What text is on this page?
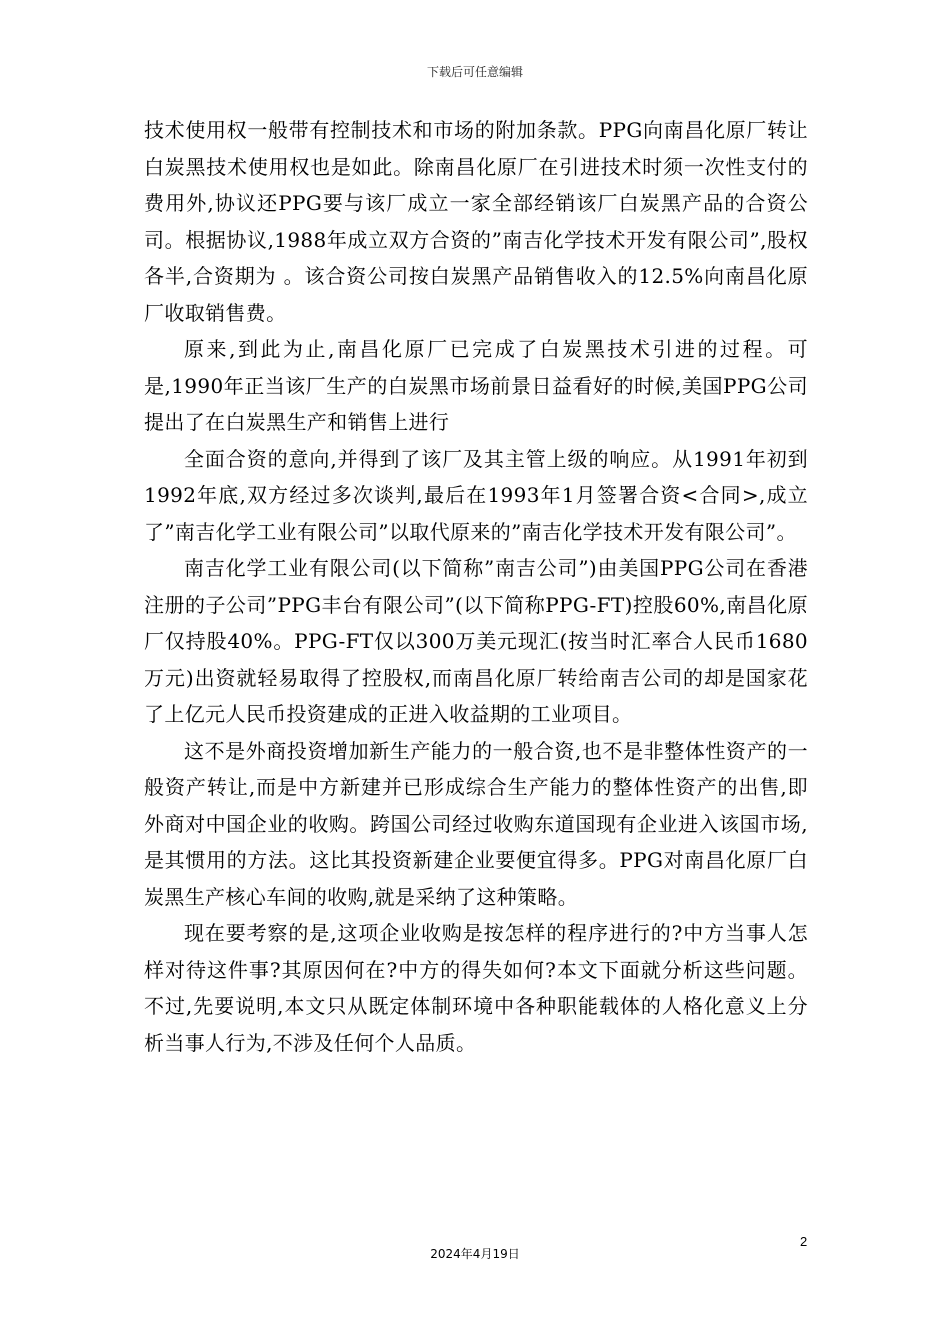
下载后可任意编辑

技术使用权一般带有控制技术和市场的附加条款。PPG向南昌化原厂转让白炭黑技术使用权也是如此。除南昌化原厂在引进技术时须一次性支付的费用外,协议还PPG要与该厂成立一家全部经销该厂白炭黑产品的合资公司。根据协议,1988年成立双方合资的”南吉化学技术开发有限公司”,股权各半,合资期为 。该合资公司按白炭黑产品销售收入的12.5%向南昌化原厂收取销售费。

原来,到此为止,南昌化原厂已完成了白炭黑技术引进的过程。可是,1990年正当该厂生产的白炭黑市场前景日益看好的时候,美国PPG公司提出了在白炭黑生产和销售上进行

全面合资的意向,并得到了该厂及其主管上级的响应。从1991年初到1992年底,双方经过多次谈判,最后在1993年1月签署合资<合同>,成立了”南吉化学工业有限公司”以取代原来的”南吉化学技术开发有限公司”。

南吉化学工业有限公司(以下简称”南吉公司”)由美国PPG公司在香港注册的子公司”PPG丰台有限公司”(以下简称PPG-FT)控股60%,南昌化原厂仅持股40%。PPG-FT仅以300万美元现汇(按当时汇率合人民币1680万元)出资就轻易取得了控股权,而南昌化原厂转给南吉公司的却是国家花了上亿元人民币投资建成的正进入收益期的工业项目。

这不是外商投资增加新生产能力的一般合资,也不是非整体性资产的一般资产转让,而是中方新建并已形成综合生产能力的整体性资产的出售,即外商对中国企业的收购。跨国公司经过收购东道国现有企业进入该国市场,是其惯用的方法。这比其投资新建企业要便宜得多。PPG对南昌化原厂白炭黑生产核心车间的收购,就是采纳了这种策略。

现在要考察的是,这项企业收购是按怎样的程序进行的?中方当事人怎样对待这件事?其原因何在?中方的得失如何?本文下面就分析这些问题。不过,先要说明,本文只从既定体制环境中各种职能载体的人格化意义上分析当事人行为,不涉及任何个人品质。

2
2024年4月19日
